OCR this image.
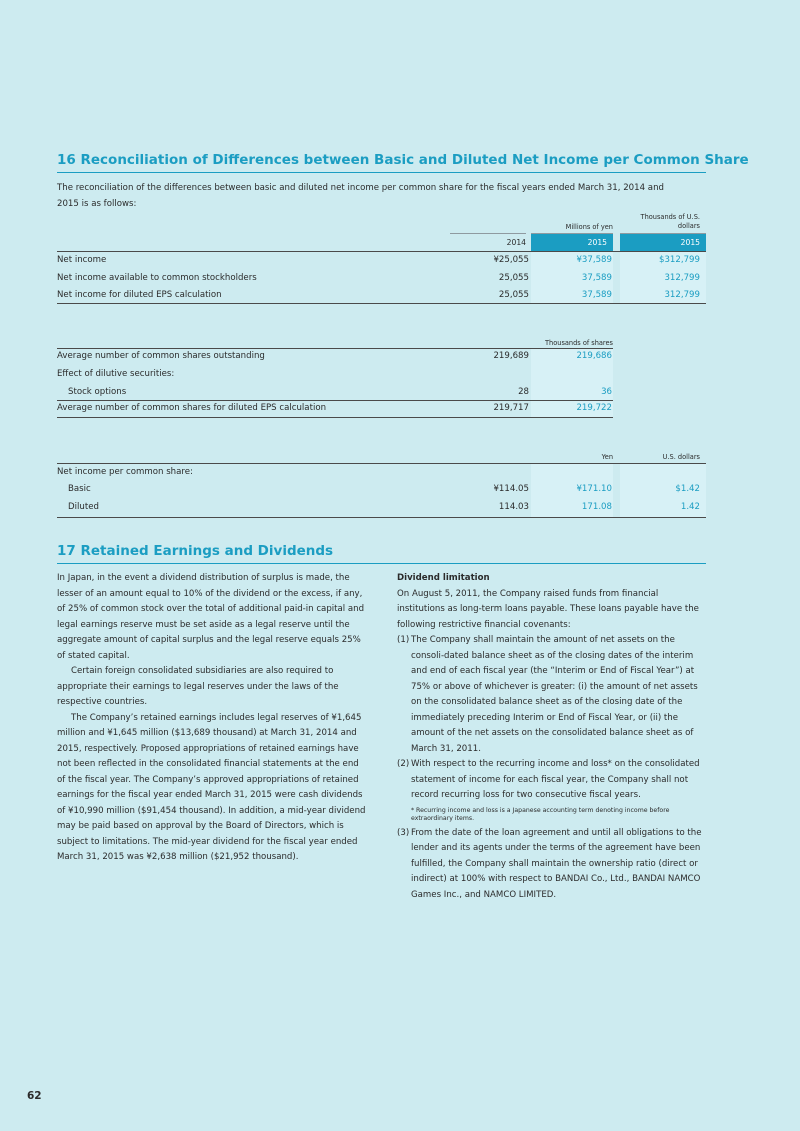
16 Reconciliation of Differences between Basic and Diluted Net Income per Common Share
The reconciliation of the differences between basic and diluted net income per common share for the fiscal years ended March 31, 2014 and 2015 is as follows:
Millions of yen
Thousands of U.S. dollars
2014	2015	2015
Net income	¥25,055	¥37,589	$312,799
Net income available to common stockholders	25,055	37,589	312,799
Net income for diluted EPS calculation	25,055	37,589	312,799
Thousands of shares
Average number of common shares outstanding	219,689	219,686
Effect of dilutive securities:
Stock options	28	36
Average number of common shares for diluted EPS calculation	219,717	219,722
Yen	U.S. dollars
Net income per common share:
Basic	¥114.05	¥171.10	$1.42
Diluted	114.03	171.08	1.42
17 Retained Earnings and Dividends
In Japan, in the event a dividend distribution of surplus is made, the lesser of an amount equal to 10% of the dividend or the excess, if any, of 25% of common stock over the total of additional paid-in capital and legal earnings reserve must be set aside as a legal reserve until the aggregate amount of capital surplus and the legal reserve equals 25% of stated capital.
Certain foreign consolidated subsidiaries are also required to appropriate their earnings to legal reserves under the laws of the respective countries.
The Company’s retained earnings includes legal reserves of ¥1,645 million and ¥1,645 million ($13,689 thousand) at March 31, 2014 and 2015, respectively. Proposed appropriations of retained earnings have not been reflected in the consolidated financial statements at the end of the fiscal year. The Company’s approved appropriations of retained earnings for the fiscal year ended March 31, 2015 were cash dividends of ¥10,990 million ($91,454 thousand). In addition, a mid-year dividend may be paid based on approval by the Board of Directors, which is subject to limitations. The mid-year dividend for the fiscal year ended March 31, 2015 was ¥2,638 million ($21,952 thousand).
Dividend limitation
On August 5, 2011, the Company raised funds from financial institutions as long-term loans payable. These loans payable have the following restrictive financial covenants:
(1) The Company shall maintain the amount of net assets on the consoli-dated balance sheet as of the closing dates of the interim and end of each fiscal year (the “Interim or End of Fiscal Year”) at 75% or above of whichever is greater: (i) the amount of net assets on the consolidated balance sheet as of the closing date of the immediately preceding Interim or End of Fiscal Year, or (ii) the amount of the net assets on the consolidated balance sheet as of March 31, 2011.
(2) With respect to the recurring income and loss* on the consolidated statement of income for each fiscal year, the Company shall not record recurring loss for two consecutive fiscal years.
* Recurring income and loss is a Japanese accounting term denoting income before extraordinary items.
(3) From the date of the loan agreement and until all obligations to the lender and its agents under the terms of the agreement have been fulfilled, the Company shall maintain the ownership ratio (direct or indirect) at 100% with respect to BANDAI Co., Ltd., BANDAI NAMCO Games Inc., and NAMCO LIMITED.
62
